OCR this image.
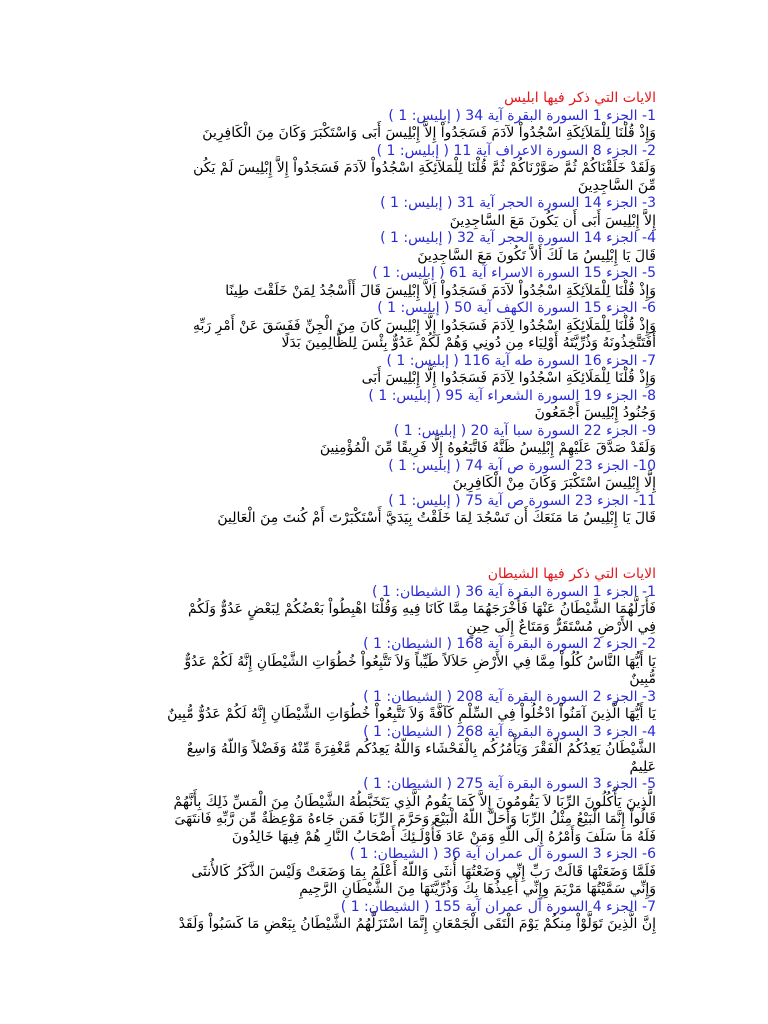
الايات التي ذكر فيها ابليس
1- الجزء 1 السورة البقرة آية 34 ( إبليس: 1 )
وَإِذْ قُلْنَا لِلْمَلاَئِكَةِ اسْجُدُواْ لآدَمَ فَسَجَدُواْ إِلاَّ إِبْلِيسَ أَبَى وَاسْتَكْبَرَ وَكَانَ مِنَ الْكَافِرِينَ
2- الجزء 8 السورة الاعراف آية 11 ( إبليس: 1 )
وَلَقَدْ خَلَقْنَاكُمْ ثُمَّ صَوَّرْنَاكُمْ ثُمَّ قُلْنَا لِلْمَلآئِكَةِ اسْجُدُواْ لآدَمَ فَسَجَدُواْ إِلاَّ إِبْلِيسَ لَمْ يَكُن
مِّنَ السَّاجِدِينَ
3- الجزء 14 السورة الحجر آية 31 ( إبليس: 1 )
إِلاَّ إِبْلِيسَ أَبَى أَن يَكُونَ مَعَ السَّاجِدِينَ
4- الجزء 14 السورة الحجر آية 32 ( إبليس: 1 )
قَالَ يَا إِبْلِيسُ مَا لَكَ أَلاَّ تَكُونَ مَعَ السَّاجِدِينَ
5- الجزء 15 السورة الاسراء آية 61 ( إبليس: 1 )
وَإِذْ قُلْنَا لِلْمَلاَئِكَةِ اسْجُدُواْ لآدَمَ فَسَجَدُواْ إَلاَّ إِبْلِيسَ قَالَ أَأَسْجُدُ لِمَنْ خَلَقْتَ طِينًا
6- الجزء 15 السورة الكهف آية 50 ( إبليس: 1 )
وَإِذْ قُلْنَا لِلْمَلَائِكَةِ اسْجُدُوا لِآدَمَ فَسَجَدُوا إِلَّا إِبْلِيسَ كَانَ مِنَ الْجِنِّ فَفَسَقَ عَنْ أَمْرِ رَبِّهِ
أَفَتَتَّخِذُونَهُ وَذُرِّيَّتَهُ أَوْلِيَاء مِن دُونِي وَهُمْ لَكُمْ عَدُوٌّ بِئْسَ لِلظَّالِمِينَ بَدَلًا
7- الجزء 16 السورة طه آية 116 ( إبليس: 1 )
وَإِذْ قُلْنَا لِلْمَلَائِكَةِ اسْجُدُوا لِآدَمَ فَسَجَدُوا إِلَّا إِبْلِيسَ أَبَى
8- الجزء 19 السورة الشعراء آية 95 ( إبليس: 1 )
وَجُنُودُ إِبْلِيسَ أَجْمَعُونَ
9- الجزء 22 السورة سبا آية 20 ( إبليس: 1 )
وَلَقَدْ صَدَّقَ عَلَيْهِمْ إِبْلِيسُ ظَنَّهُ فَاتَّبَعُوهُ إِلَّا فَرِيقًا مِّنَ الْمُؤْمِنِينَ
10- الجزء 23 السورة ص آية 74 ( إبليس: 1 )
إِلَّا إِبْلِيسَ اسْتَكْبَرَ وَكَانَ مِنْ الْكَافِرِينَ
11- الجزء 23 السورة ص آية 75 ( إبليس: 1 )
قَالَ يَا إِبْلِيسُ مَا مَنَعَكَ أَن تَسْجُدَ لِمَا خَلَقْتُ بِيَدَيَّ أَسْتَكْبَرْتَ أَمْ كُنتَ مِنَ الْعَالِينَ
الايات التي ذكر فيها الشيطان
1- الجزء 1 السورة البقرة آية 36 ( الشيطان: 1 )
فَأَزَلَّهُمَا الشَّيْطَانُ عَنْهَا فَأَخْرَجَهُمَا مِمَّا كَانَا فِيهِ وَقُلْنَا اهْبِطُواْ بَعْضُكُمْ لِبَعْضٍ عَدُوٌّ وَلَكُمْ
فِي الأَرْضِ مُسْتَقَرٌّ وَمَتَاعٌ إِلَى حِينٍ
2- الجزء 2 السورة البقرة آية 168 ( الشيطان: 1 )
يَا أَيُّهَا النَّاسُ كُلُواْ مِمَّا فِي الأَرْضِ حَلاَلاً طَيِّباً وَلاَ تَتَّبِعُواْ خُطُوَاتِ الشَّيْطَانِ إِنَّهُ لَكُمْ عَدُوٌّ
مُّبِينٌ
3- الجزء 2 السورة البقرة آية 208 ( الشيطان: 1 )
يَا أَيُّهَا الَّذِينَ آمَنُواْ ادْخُلُواْ فِي السِّلْمِ كَآفَّةً وَلاَ تَتَّبِعُواْ خُطُوَاتِ الشَّيْطَانِ إِنَّهُ لَكُمْ عَدُوٌّ مُّبِينٌ
4- الجزء 3 السورة البقرة آية 268 ( الشيطان: 1 )
الشَّيْطَانُ يَعِدُكُمُ الْفَقْرَ وَيَأْمُرُكُم بِالْفَحْشَاء وَاللّهُ يَعِدُكُم مَّغْفِرَةً مِّنْهُ وَفَضْلاً وَاللّهُ وَاسِعٌ
عَلِيمٌ
5- الجزء 3 السورة البقرة آية 275 ( الشيطان: 1 )
الَّذِينَ يَأْكُلُونَ الرِّبَا لاَ يَقُومُونَ إِلاَّ كَمَا يَقُومُ الَّذِي يَتَخَبَّطُهُ الشَّيْطَانُ مِنَ الْمَسِّ ذَلِكَ بِأَنَّهُمْ
قَالُواْ إِنَّمَا الْبَيْعُ مِثْلُ الرِّبَا وَأَحَلَّ اللّهُ الْبَيْعَ وَحَرَّمَ الرِّبَا فَمَن جَاءهُ مَوْعِظَةٌ مِّن رَّبِّهِ فَانتَهَىَ
فَلَهُ مَا سَلَفَ وَأَمْرُهُ إِلَى اللّهِ وَمَنْ عَادَ فَأُوْلَـئِكَ أَصْحَابُ النَّارِ هُمْ فِيهَا خَالِدُونَ
6- الجزء 3 السورة آل عمران آية 36 ( الشيطان: 1 )
فَلَمَّا وَضَعَتْهَا قَالَتْ رَبِّ إِنِّي وَضَعْتُهَا أُنثَى وَاللّهُ أَعْلَمُ بِمَا وَضَعَتْ وَلَيْسَ الذَّكَرُ كَالأُنثَى
وَإِنِّي سَمَّيْتُهَا مَرْيَمَ وِإِنِّي أُعِيذُهَا بِكَ وَذُرِّيَّتَهَا مِنَ الشَّيْطَانِ الرَّجِيمِ
7- الجزء 4 السورة آل عمران آية 155 ( الشيطان: 1 )
إِنَّ الَّذِينَ تَوَلَّوْاْ مِنكُمْ يَوْمَ الْتَقَى الْجَمْعَانِ إِنَّمَا اسْتَزَلَّهُمُ الشَّيْطَانُ بِبَعْضِ مَا كَسَبُواْ وَلَقَدْ
